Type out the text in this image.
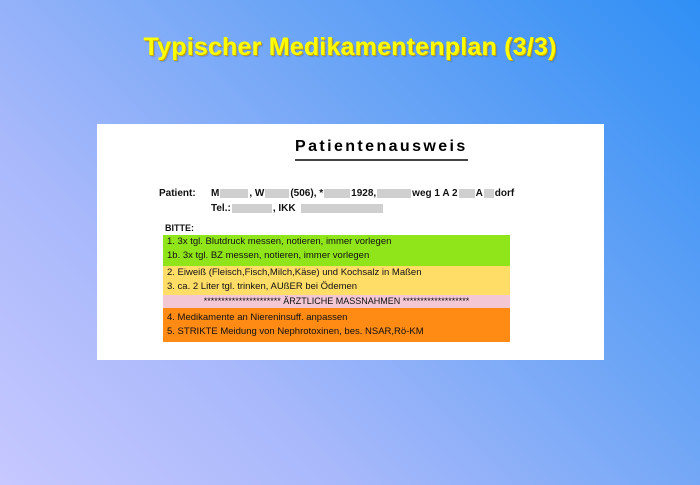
Typischer Medikamentenplan (3/3)
Patientenausweis
Patient:	M	, W	(506), *	1928,	weg 1 A 2 A dorf
Tel.:	, IKK
BITTE:
1. 3x tgl. Blutdruck messen, notieren, immer vorlegen
1b. 3x tgl. BZ messen, notieren, immer vorlegen
2. Eiweiß (Fleisch,Fisch,Milch,Käse) und Kochsalz in Maßen
3. ca. 2 Liter tgl. trinken, AUßER bei Ödemen
********************** ÄRZTLICHE MASSNAHMEN *******************
4. Medikamente an Niereninsuff. anpassen
5. STRIKTE Meidung von Nephrotoxinen, bes. NSAR,Rö-KM
